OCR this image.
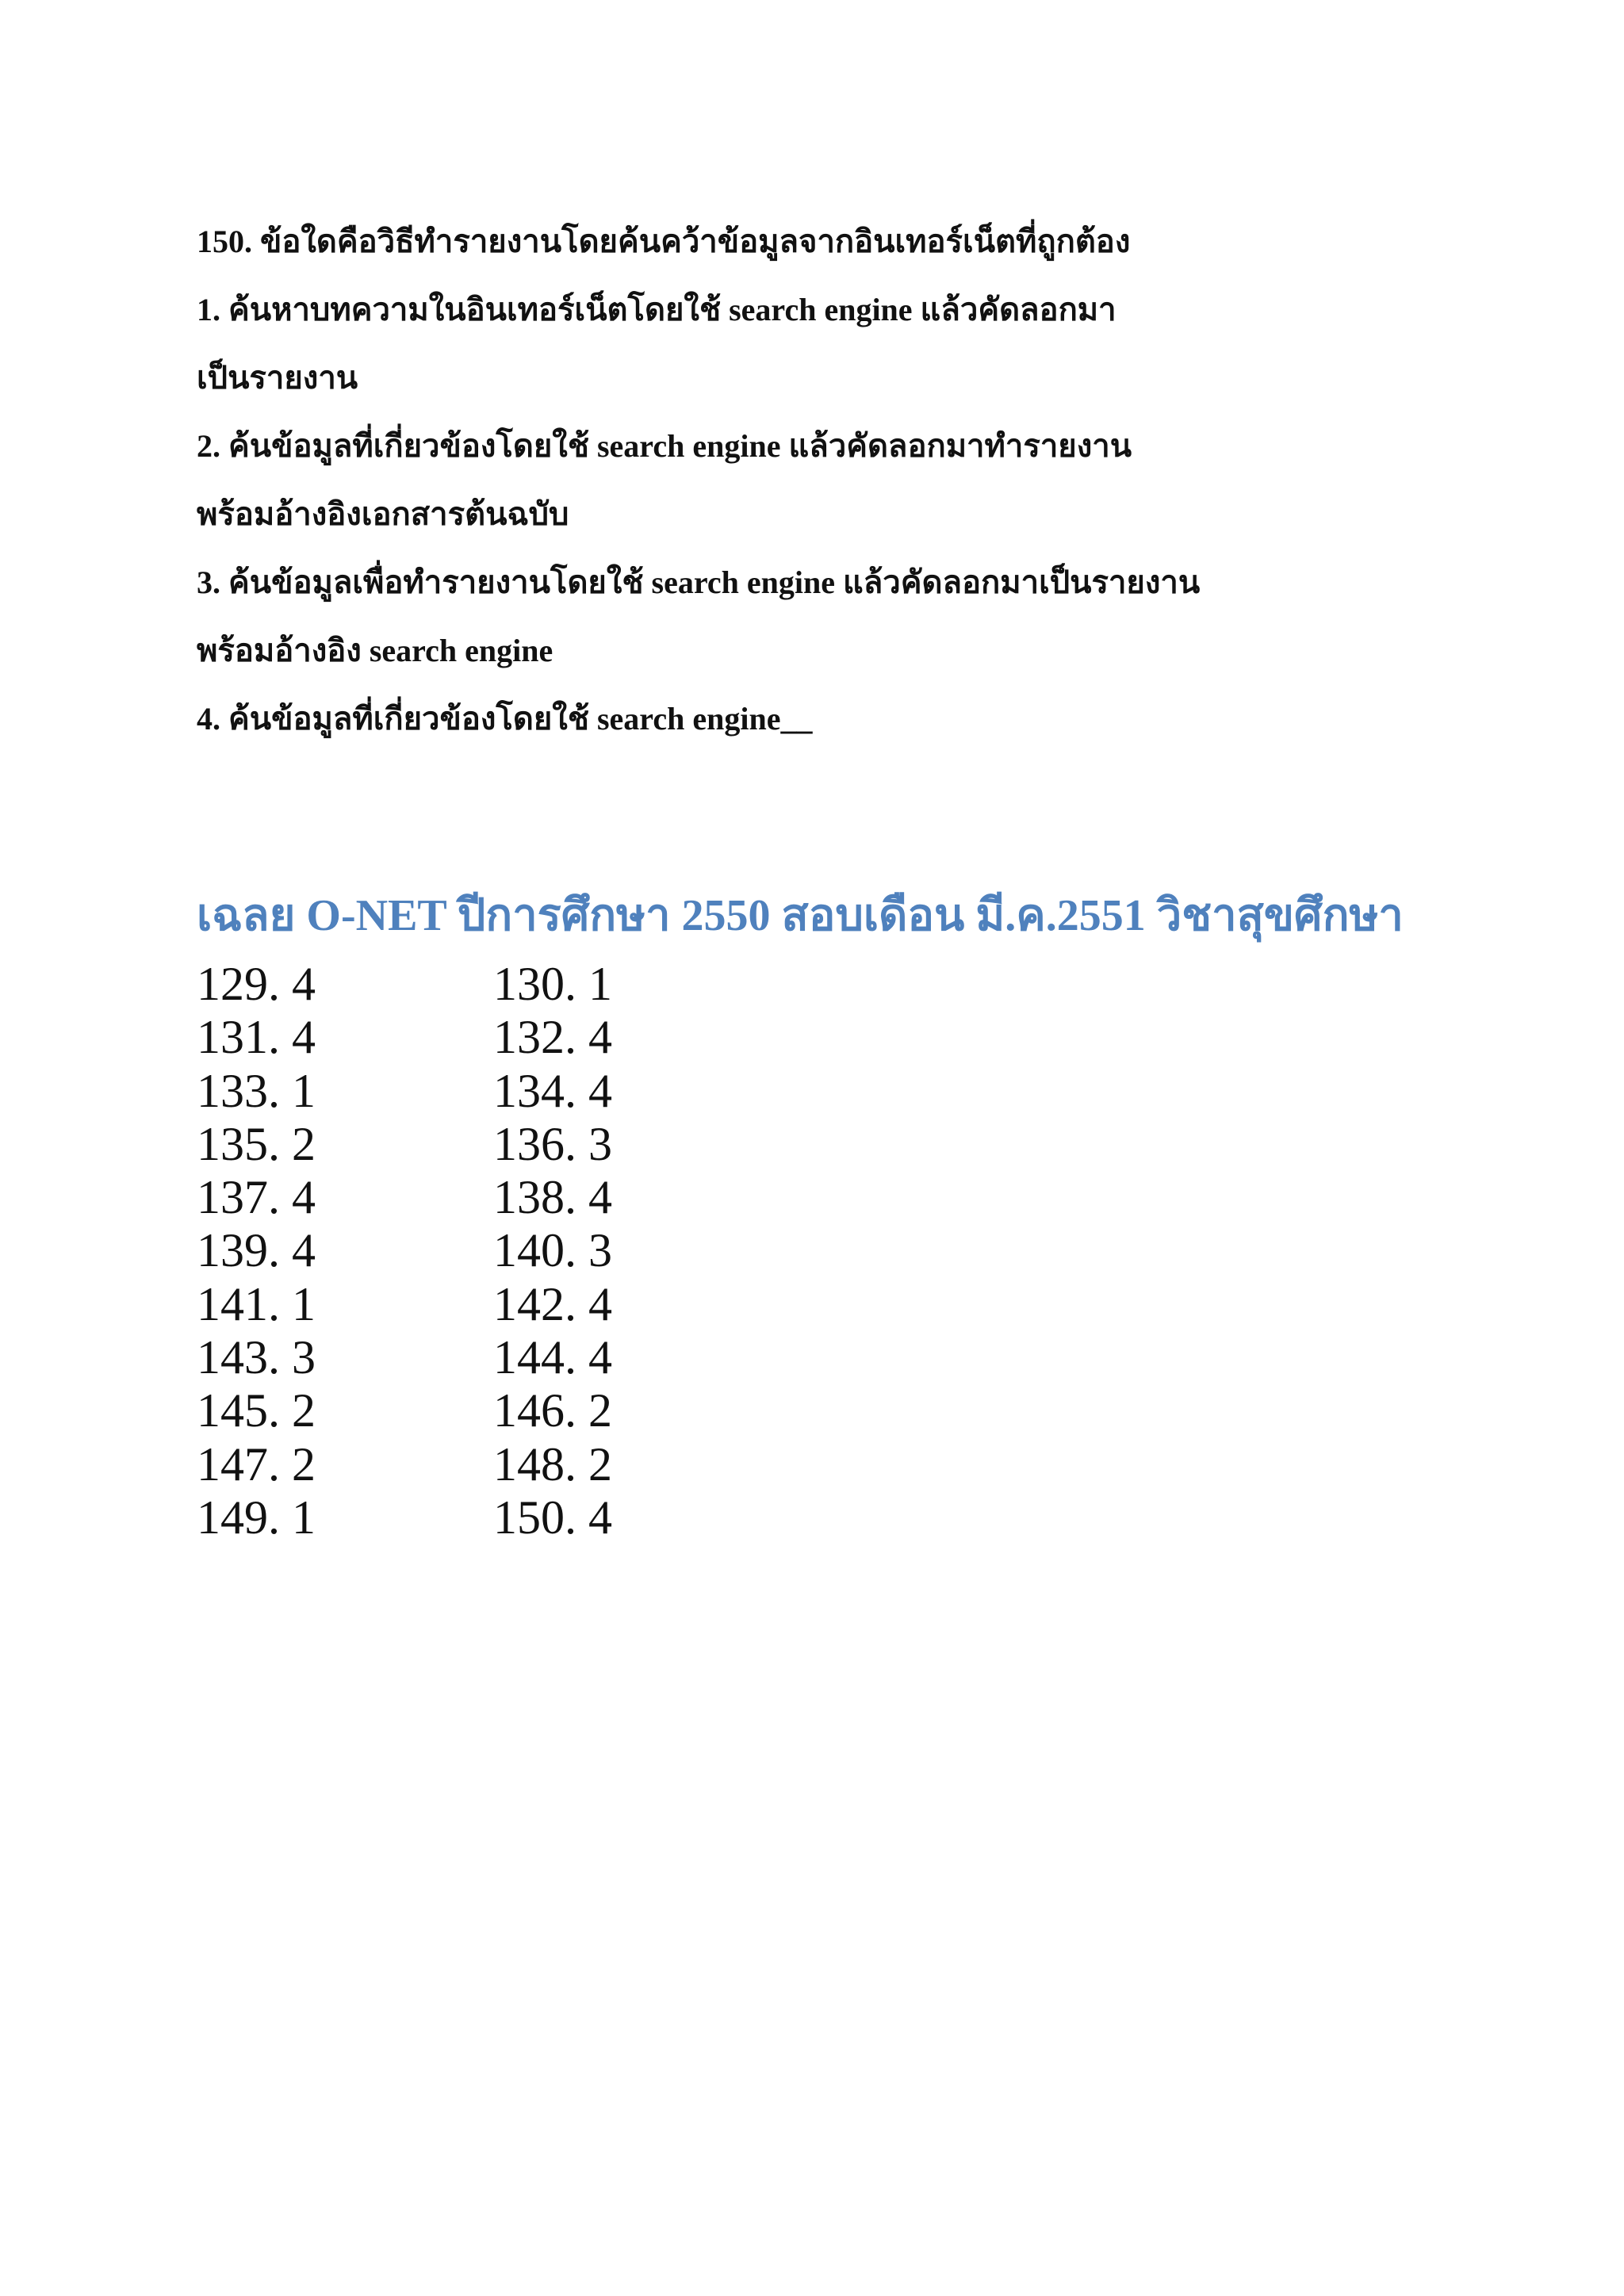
150. ข้อใดคือวิธีทำรายงานโดยค้นคว้าข้อมูลจากอินเทอร์เน็ตที่ถูกต้อง
1. ค้นหาบทความในอินเทอร์เน็ตโดยใช้ search engine แล้วคัดลอกมา
เป็นรายงาน
2. ค้นข้อมูลที่เกี่ยวข้องโดยใช้ search engine แล้วคัดลอกมาทำรายงาน
พร้อมอ้างอิงเอกสารต้นฉบับ
3. ค้นข้อมูลเพื่อทำรายงานโดยใช้ search engine แล้วคัดลอกมาเป็นรายงาน
พร้อมอ้างอิง search engine
4. ค้นข้อมูลที่เกี่ยวข้องโดยใช้ search engine__
เฉลย O-NET ปีการศึกษา 2550 สอบเดือน มี.ค.2551 วิชาสุขศึกษา
129. 4	130. 1
131. 4	132. 4
133. 1	134. 4
135. 2	136. 3
137. 4	138. 4
139. 4	140. 3
141. 1	142. 4
143. 3	144. 4
145. 2	146. 2
147. 2	148. 2
149. 1	150. 4
